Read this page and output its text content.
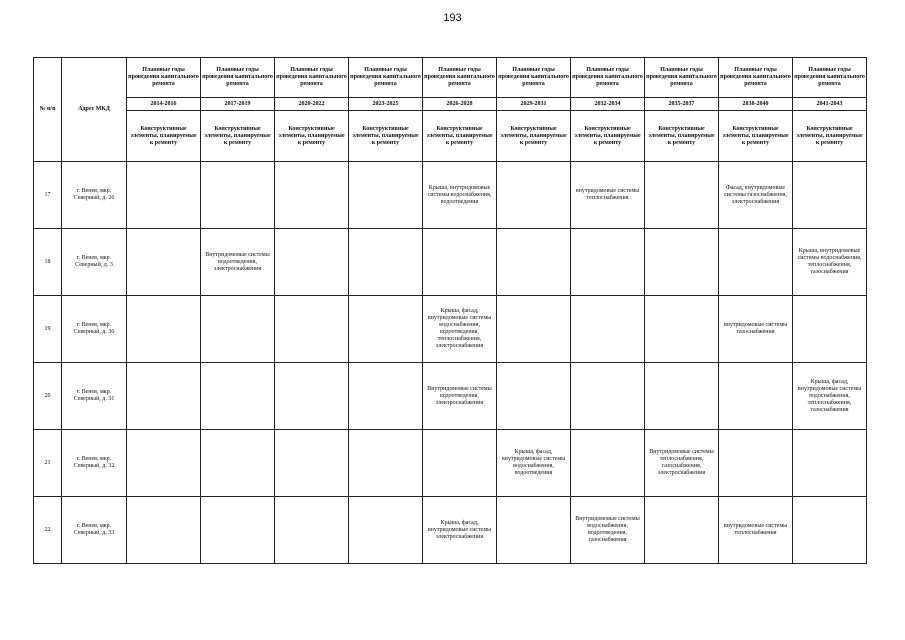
193
№ п/п	Адрес МКД	Плановые годы проведения капитального ремонта	Плановые годы проведения капитального ремонта	Плановые годы проведения капитального ремонта	Плановые годы проведения капитального ремонта	Плановые годы проведения капитального ремонта	Плановые годы проведения капитального ремонта	Плановые годы проведения капитального ремонта	Плановые годы проведения капитального ремонта	Плановые годы проведения капитального ремонта	Плановые годы проведения капитального ремонта
		2014-2016	2017-2019	2020-2022	2023-2025	2026-2028	2029-2031	2032-2034	2035-2037	2038-2040	2041-2043
		Конструктивные элементы, планируемые к ремонту	Конструктивные элементы, планируемые к ремонту	Конструктивные элементы, планируемые к ремонту	Конструктивные элементы, планируемые к ремонту	Конструктивные элементы, планируемые к ремонту	Конструктивные элементы, планируемые к ремонту	Конструктивные элементы, планируемые к ремонту	Конструктивные элементы, планируемые к ремонту	Конструктивные элементы, планируемые к ремонту	Конструктивные элементы, планируемые к ремонту
17	г. Венев, мкр. Северный, д. 26					Крыша, внутридомовые системы водоснабжения, водоотведения		внутридомовые системы теплоснабжения		Фасад, внутридомовые системы газоснабжения, электроснабжения	
18	г. Венев, мкр. Северный, д. 3		Внутридомовые системы водоотведения, электроснабжения								Крыша, внутридомовые системы водоснабжения, теплоснабжения, газоснабжения
19	г. Венев, мкр. Северный, д. 30					Крыша, фасад, внутридомовые системы водоснабжения, водоотведения, теплоснабжения, электроснабжения				внутридомовые системы газоснабжения	
20	г. Венев, мкр. Северный, д. 31					Внутридомовые системы водоотведения, электроснабжения					Крыша, фасад, внутридомовые системы водоснабжения, теплоснабжения, газоснабжения
21	г. Венев, мкр. Северный, д. 32						Крыша, фасад, внутридомовые системы водоснабжения, водоотведения		Внутридомовые системы теплоснабжения, газоснабжения, электроснабжения		
22	г. Венев, мкр. Северный, д. 33					Крыша, фасад, внутридомовые системы электроснабжения		Внутридомовые системы водоснабжения, водоотведения, газоснабжения		внутридомовые системы теплоснабжения	
